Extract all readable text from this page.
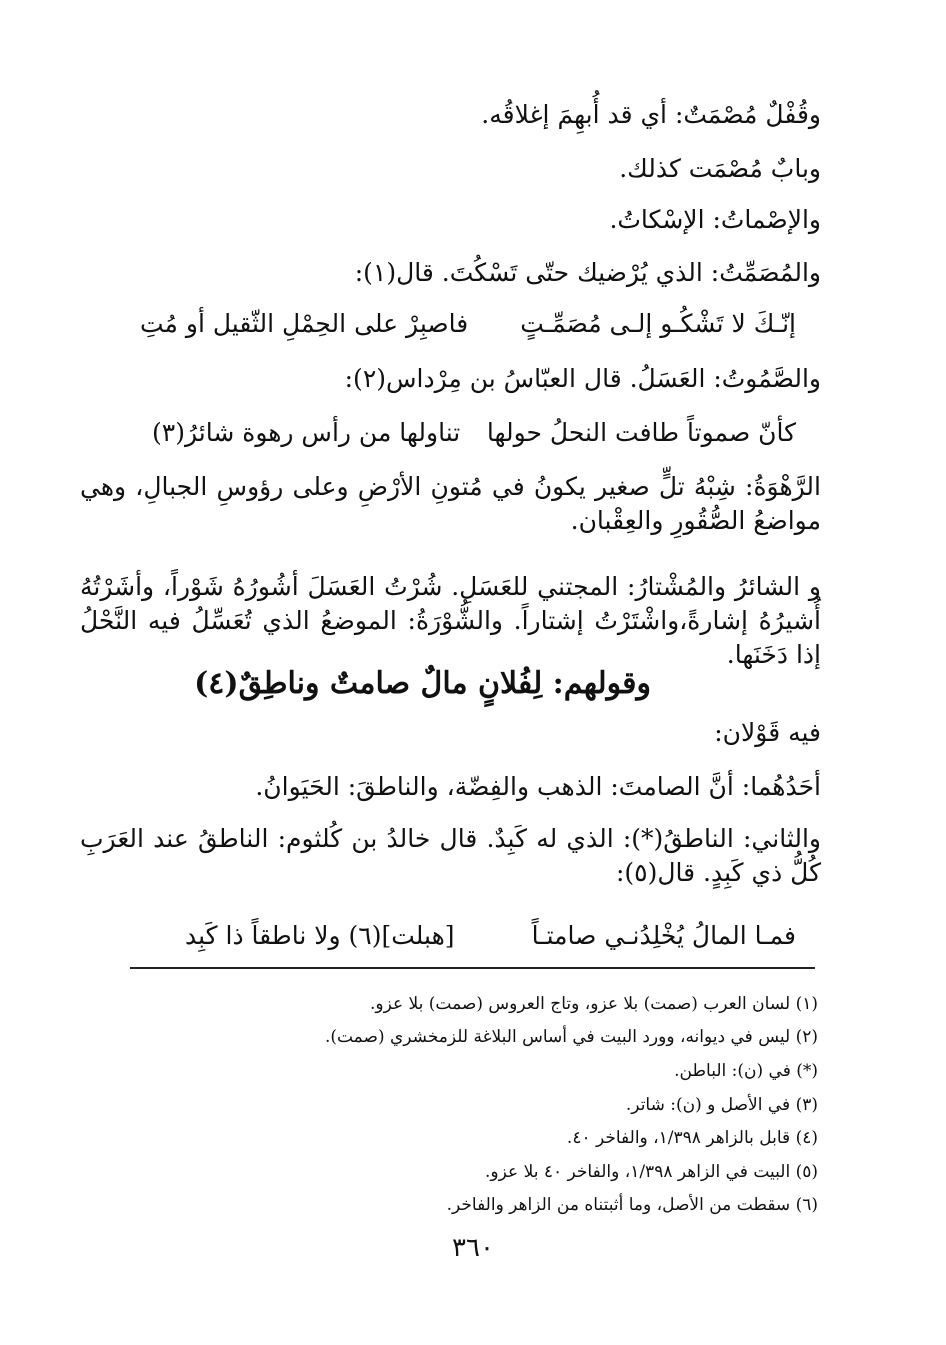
وقُفْلٌ مُصْمَتٌ: أي قد أُبهِمَ إغلاقُه.
وبابٌ مُصْمَت كذلك.
والإصْماتُ: الإسْكاتُ.
والمُصَمِّتُ: الذي يُرْضيك حتّى تَسْكُتَ. قال(١):
إنّـكَ لا تَشْكُـو إلـى مُصَمِّـتٍ
فاصبِرْ على الحِمْلِ الثّقيل أو مُتِ
والصَّمُوتُ: العَسَلُ. قال العبّاسُ بن مِرْداس(٢):
كأنّ صموتاً طافت النحلُ حولها
تناولها من رأس رهوة شائرُ(٣)
الرَّهْوَةُ: شِبْهُ تلٍّ صغير يكونُ في مُتونِ الأرْضِ وعلى رؤوسِ الجبالِ، وهي مواضعُ الصُّقُورِ والعِقْبان.
و الشائرُ والمُشْتارُ: المجتني للعَسَلِ. شُرْتُ العَسَلَ أشُورُهُ شَوْراً، وأشَرْتُهُ أُشيرُهُ إشارةً،واشْتَرْتُ إشتاراً. والشُّوْرَةُ: الموضعُ الذي تُعَسِّلُ فيه النَّحْلُ إذا دَخَنَها.
وقولهم: لِفُلانٍ مالٌ صامتٌ وناطِقٌ(٤)
فيه قَوْلان:
أحَدُهُما: أنَّ الصامتَ: الذهب والفِضّة، والناطقَ: الحَيَوانُ.
والثاني: الناطقُ(*): الذي له كَبِدٌ. قال خالدُ بن كُلثوم: الناطقُ عند العَرَبِ كُلُّ ذي كَبِدٍ. قال(٥):
فمـا المالُ يُخْلِدُنـي صامتـاً
[هبلت](٦) ولا ناطقاً ذا كَبِد
(١) لسان العرب (صمت) بلا عزو، وتاج العروس (صمت) بلا عزو.
(٢) ليس في ديوانه، وورد البيت في أساس البلاغة للزمخشري (صمت).
(*) في (ن): الباطن.
(٣) في الأصل و (ن): شاتر.
(٤) قابل بالزاهر ١/٣٩٨، والفاخر ٤٠.
(٥) البيت في الزاهر ١/٣٩٨، والفاخر ٤٠ بلا عزو.
(٦) سقطت من الأصل، وما أثبتناه من الزاهر والفاخر.
٣٦٠
